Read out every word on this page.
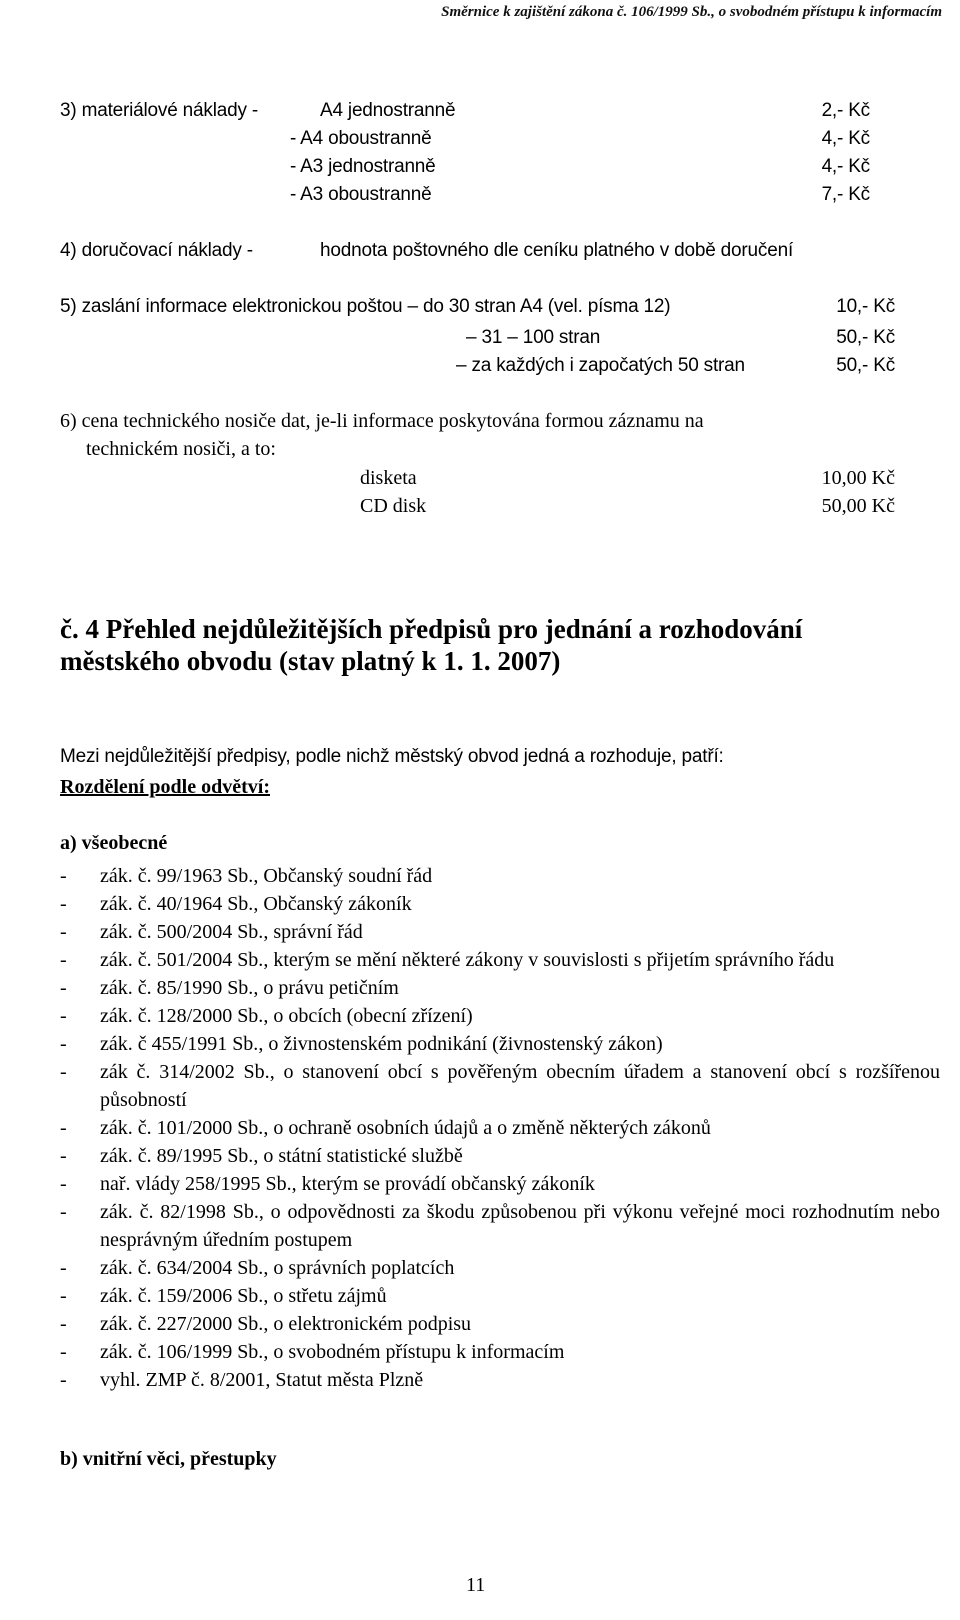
Směrnice k zajištění zákona č. 106/1999 Sb., o svobodném přístupu k informacím
3) materiálové náklady -	A4 jednostranně	2,- Kč
- A4 oboustranně	4,- Kč
- A3 jednostranně	4,- Kč
- A3 oboustranně	7,- Kč
4) doručovací náklady -	hodnota poštovného dle ceníku platného v době doručení
5) zaslání informace elektronickou poštou – do 30 stran A4 (vel. písma 12)	10,- Kč
– 31 – 100 stran	50,- Kč
– za každých i započatých 50 stran	50,- Kč
6) cena technického nosiče dat, je-li informace poskytována formou záznamu na
technickém nosiči, a to:
disketa	10,00 Kč
CD disk	50,00 Kč
č. 4 Přehled nejdůležitějších předpisů pro jednání a rozhodování
městského obvodu (stav platný k 1. 1. 2007)
Mezi nejdůležitější předpisy, podle nichž městský obvod jedná a rozhoduje, patří:
Rozdělení podle odvětví:
a) všeobecné
- zák. č. 99/1963 Sb., Občanský soudní řád
- zák. č. 40/1964 Sb., Občanský zákoník
- zák. č. 500/2004 Sb., správní řád
- zák. č. 501/2004 Sb., kterým se mění některé zákony v souvislosti s přijetím správního řádu
- zák. č. 85/1990 Sb., o právu petičním
- zák. č. 128/2000 Sb., o obcích (obecní zřízení)
- zák. č 455/1991 Sb., o živnostenském podnikání (živnostenský zákon)
- zák č. 314/2002 Sb., o stanovení obcí s pověřeným obecním úřadem a stanovení obcí s rozšířenou působností
- zák. č. 101/2000 Sb., o ochraně osobních údajů a o změně některých zákonů
- zák. č. 89/1995 Sb., o státní statistické službě
- nař. vlády 258/1995 Sb., kterým se provádí občanský zákoník
- zák. č. 82/1998 Sb., o odpovědnosti za škodu způsobenou při výkonu veřejné moci rozhodnutím nebo nesprávným úředním postupem
- zák. č. 634/2004 Sb., o správních poplatcích
- zák. č. 159/2006 Sb., o střetu zájmů
- zák. č. 227/2000 Sb., o elektronickém podpisu
- zák. č. 106/1999 Sb., o svobodném přístupu k informacím
- vyhl. ZMP č. 8/2001, Statut města Plzně
b) vnitřní věci, přestupky
11
